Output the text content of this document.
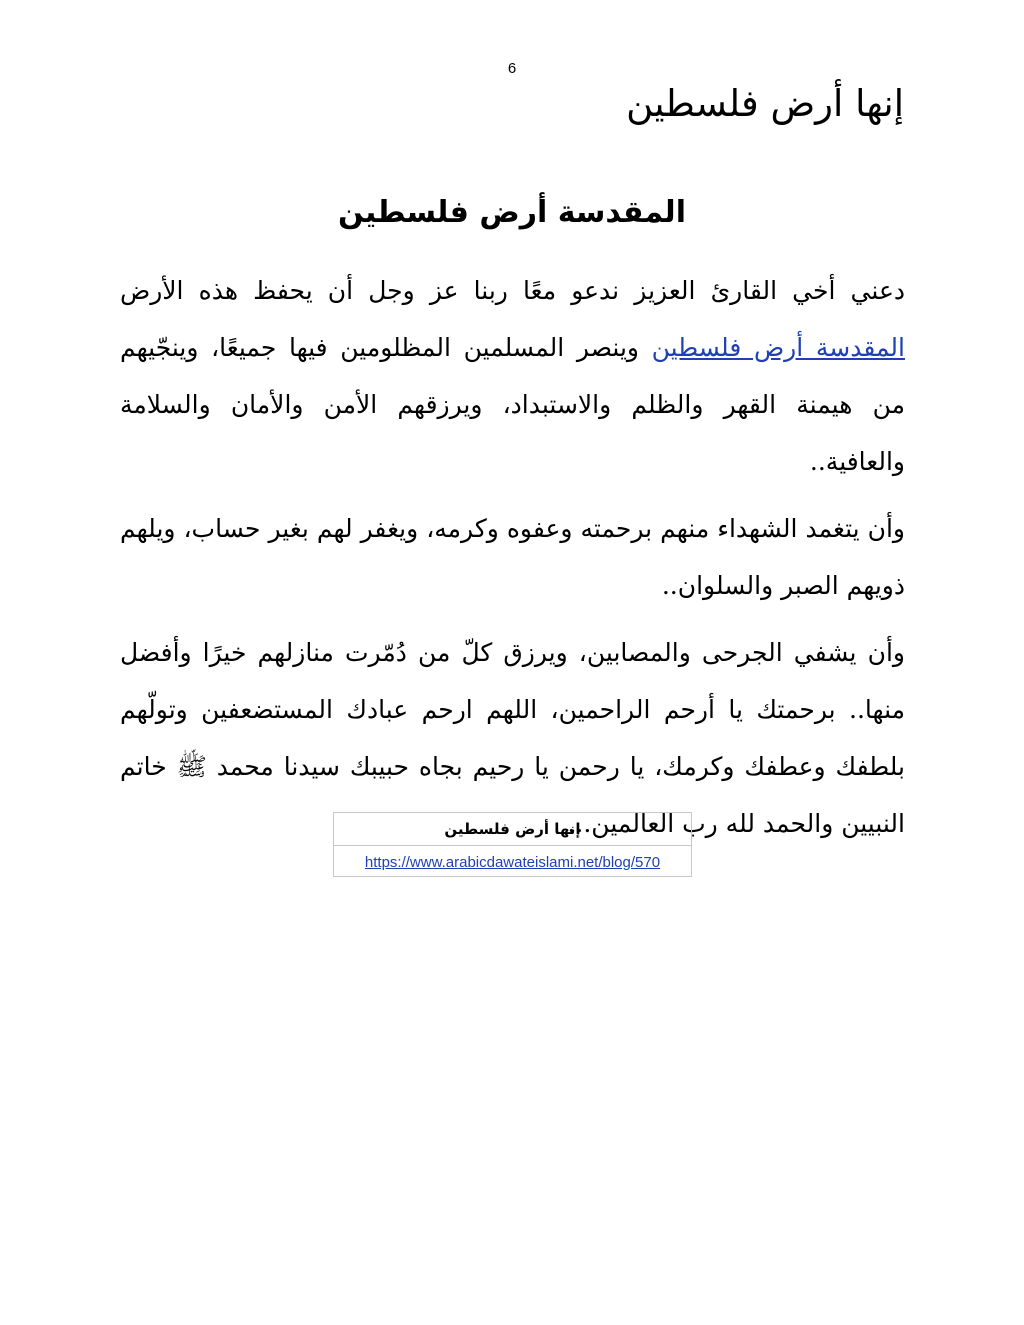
6
إنها أرض فلسطين
المقدسة أرض فلسطين

دعني أخي القارئ العزيز ندعو معًا ربنا عز وجل أن يحفظ هذه الأرض المقدسة أرض فلسطين وينصر المسلمين المظلومين فيها جميعًا، وينجّيهم من هيمنة القهر والظلم والاستبداد، ويرزقهم الأمن والأمان والسلامة والعافية..

وأن يتغمد الشهداء منهم برحمته وعفوه وكرمه، ويغفر لهم بغير حساب، ويلهم ذويهم الصبر والسلوان..

وأن يشفي الجرحى والمصابين، ويرزق كلّ من دُمّرت منازلهم خيرًا وأفضل منها.. برحمتك يا أرحم الراحمين، اللهم ارحم عبادك المستضعفين وتولّهم بلطفك وعطفك وكرمك، يا رحمن يا رحيم بجاه حبيبك سيدنا محمد ﷺ خاتم النبيين والحمد لله رب العالمين...

إنها أرض فلسطين
https://www.arabicdawateislami.net/blog/570
